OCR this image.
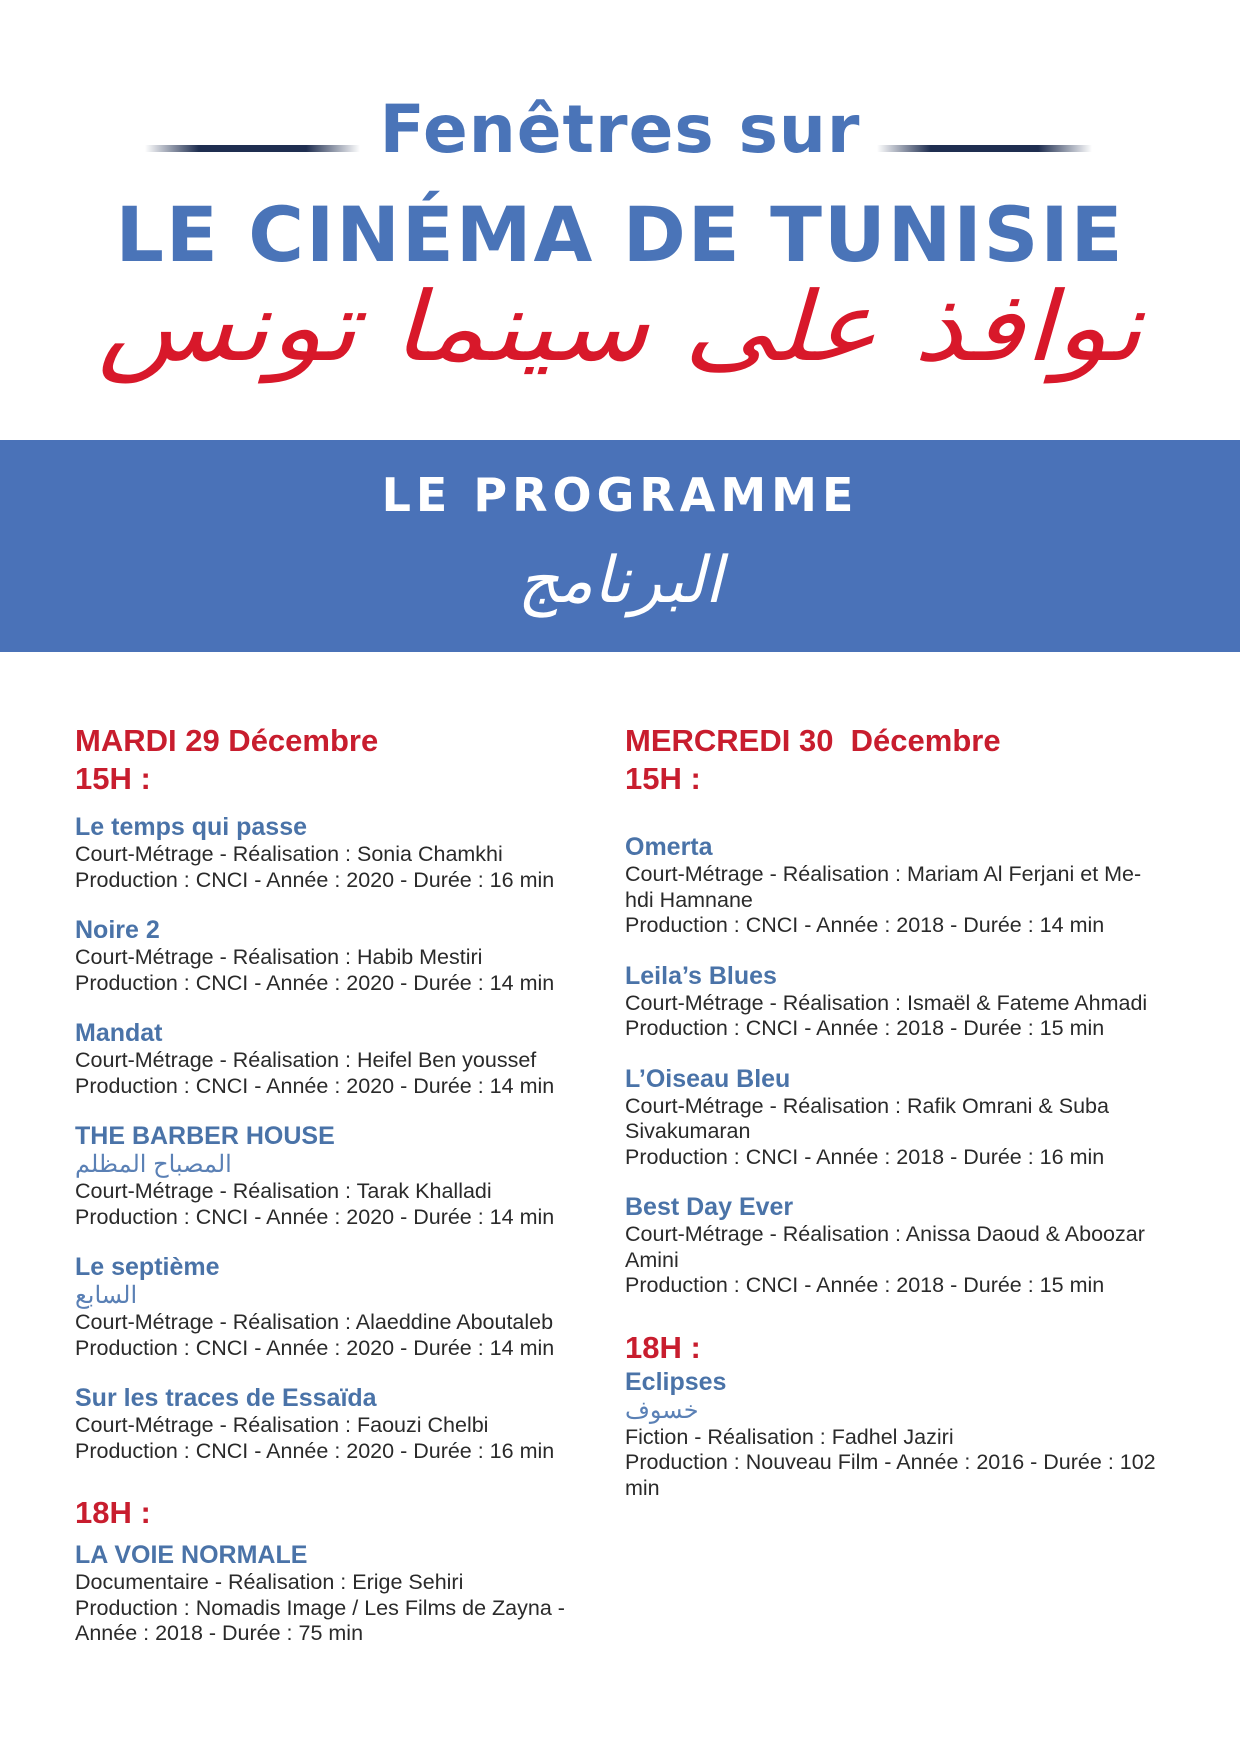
Fenêtres sur
LE CINÉMA DE TUNISIE
نوافذ على سينما تونس
LE PROGRAMME
البرنامج
MARDI 29 Décembre
15H :
Le temps qui passe
Court-Métrage - Réalisation : Sonia Chamkhi
Production : CNCI - Année : 2020 - Durée : 16 min
Noire 2
Court-Métrage - Réalisation : Habib Mestiri
Production : CNCI - Année : 2020 - Durée : 14 min
Mandat
Court-Métrage - Réalisation : Heifel Ben youssef
Production : CNCI - Année : 2020 - Durée : 14 min
THE BARBER HOUSE
المصباح المظلم
Court-Métrage - Réalisation : Tarak Khalladi
Production : CNCI - Année : 2020 - Durée : 14 min
Le septième
السابع
Court-Métrage - Réalisation : Alaeddine Aboutaleb
Production : CNCI - Année : 2020 - Durée : 14 min
Sur les traces de Essaïda
Court-Métrage - Réalisation : Faouzi Chelbi
Production : CNCI - Année : 2020 - Durée : 16 min
18H :
LA VOIE NORMALE
Documentaire - Réalisation : Erige Sehiri
Production : Nomadis Image / Les Films de Zayna -
Année : 2018 - Durée : 75 min
MERCREDI 30  Décembre
15H :
Omerta
Court-Métrage - Réalisation : Mariam Al Ferjani et Me-
hdi Hamnane
Production : CNCI - Année : 2018 - Durée : 14 min
Leila’s Blues
Court-Métrage - Réalisation : Ismaël & Fateme Ahmadi
Production : CNCI - Année : 2018 - Durée : 15 min
L’Oiseau Bleu
Court-Métrage - Réalisation : Rafik Omrani & Suba
Sivakumaran
Production : CNCI - Année : 2018 - Durée : 16 min
Best Day Ever
Court-Métrage - Réalisation : Anissa Daoud & Aboozar
Amini
Production : CNCI - Année : 2018 - Durée : 15 min
18H :
Eclipses
خسوف
Fiction - Réalisation : Fadhel Jaziri
Production : Nouveau Film - Année : 2016 - Durée : 102
min
